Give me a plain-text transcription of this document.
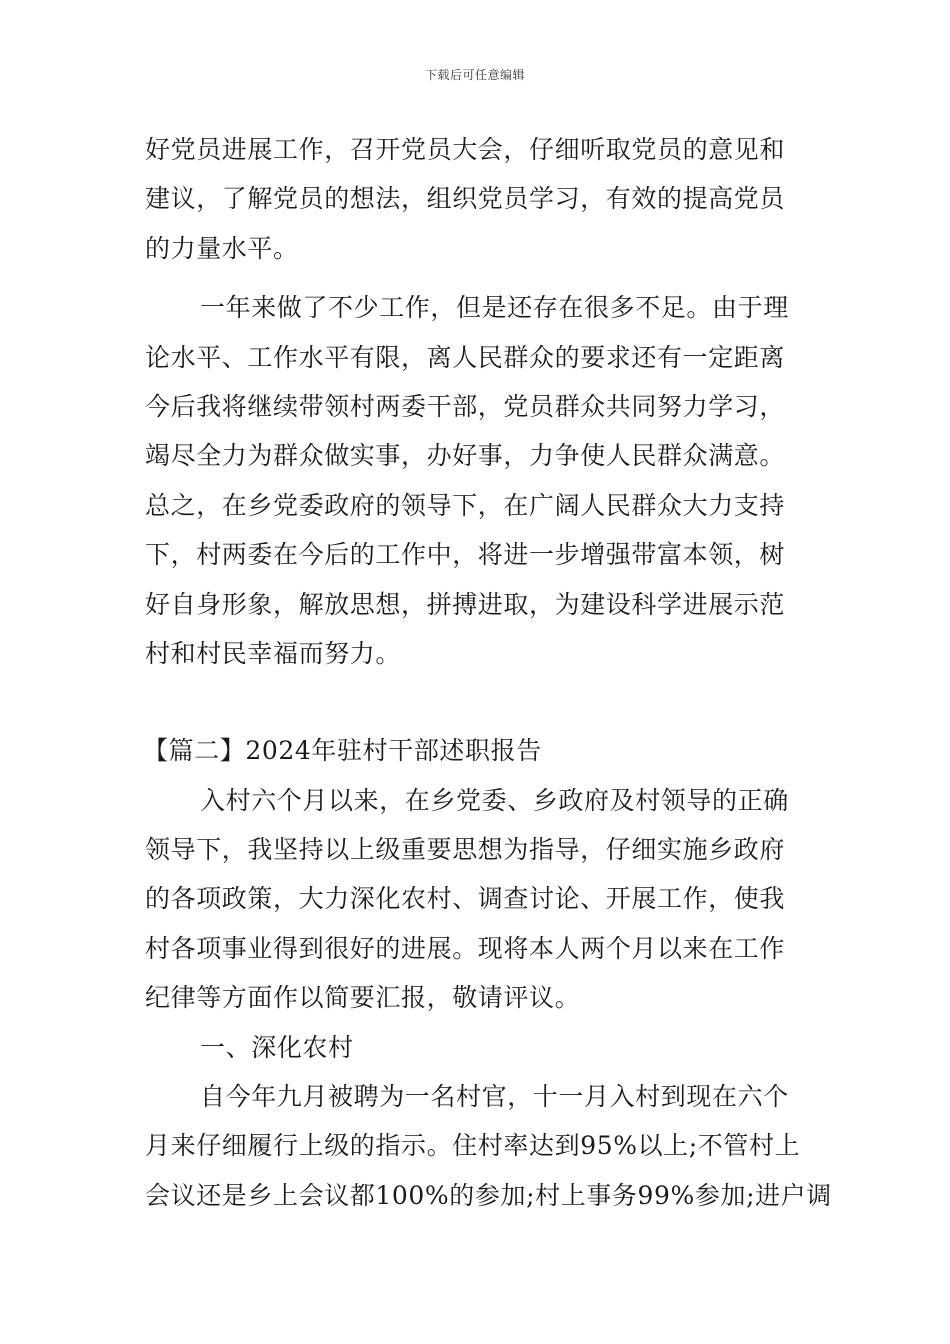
下载后可任意编辑
好党员进展工作，召开党员大会，仔细听取党员的意见和
建议，了解党员的想法，组织党员学习，有效的提高党员
的力量水平。
一年来做了不少工作，但是还存在很多不足。由于理
论水平、工作水平有限，离人民群众的要求还有一定距离
今后我将继续带领村两委干部，党员群众共同努力学习，
竭尽全力为群众做实事，办好事，力争使人民群众满意。
总之，在乡党委政府的领导下，在广阔人民群众大力支持
下，村两委在今后的工作中，将进一步增强带富本领，树
好自身形象，解放思想，拼搏进取，为建设科学进展示范
村和村民幸福而努力。
【篇二】2024年驻村干部述职报告
入村六个月以来，在乡党委、乡政府及村领导的正确
领导下，我坚持以上级重要思想为指导，仔细实施乡政府
的各项政策，大力深化农村、调查讨论、开展工作，使我
村各项事业得到很好的进展。现将本人两个月以来在工作
纪律等方面作以简要汇报，敬请评议。
一、深化农村
自今年九月被聘为一名村官，十一月入村到现在六个
月来仔细履行上级的指示。住村率达到95%以上;不管村上
会议还是乡上会议都100%的参加;村上事务99%参加;进户调
